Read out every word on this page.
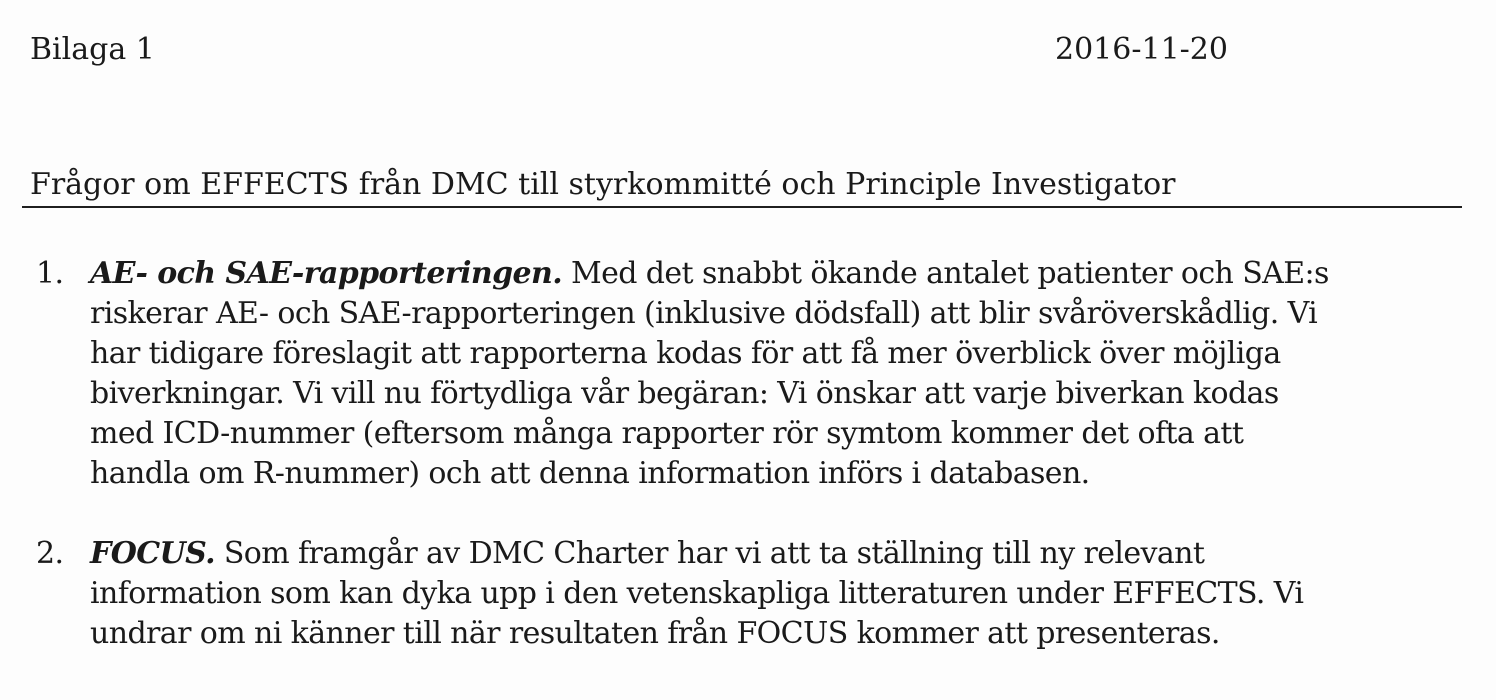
Bilaga 1	2016-11-20
Frågor om EFFECTS från DMC till styrkommitté och Principle Investigator
1. AE- och SAE-rapporteringen. Med det snabbt ökande antalet patienter och SAE:s
riskerar AE- och SAE-rapporteringen (inklusive dödsfall) att blir svåröverskådlig. Vi
har tidigare föreslagit att rapporterna kodas för att få mer överblick över möjliga
biverkningar. Vi vill nu förtydliga vår begäran: Vi önskar att varje biverkan kodas
med ICD-nummer (eftersom många rapporter rör symtom kommer det ofta att
handla om R-nummer) och att denna information införs i databasen.
2. FOCUS. Som framgår av DMC Charter har vi att ta ställning till ny relevant
information som kan dyka upp i den vetenskapliga litteraturen under EFFECTS. Vi
undrar om ni känner till när resultaten från FOCUS kommer att presenteras.
